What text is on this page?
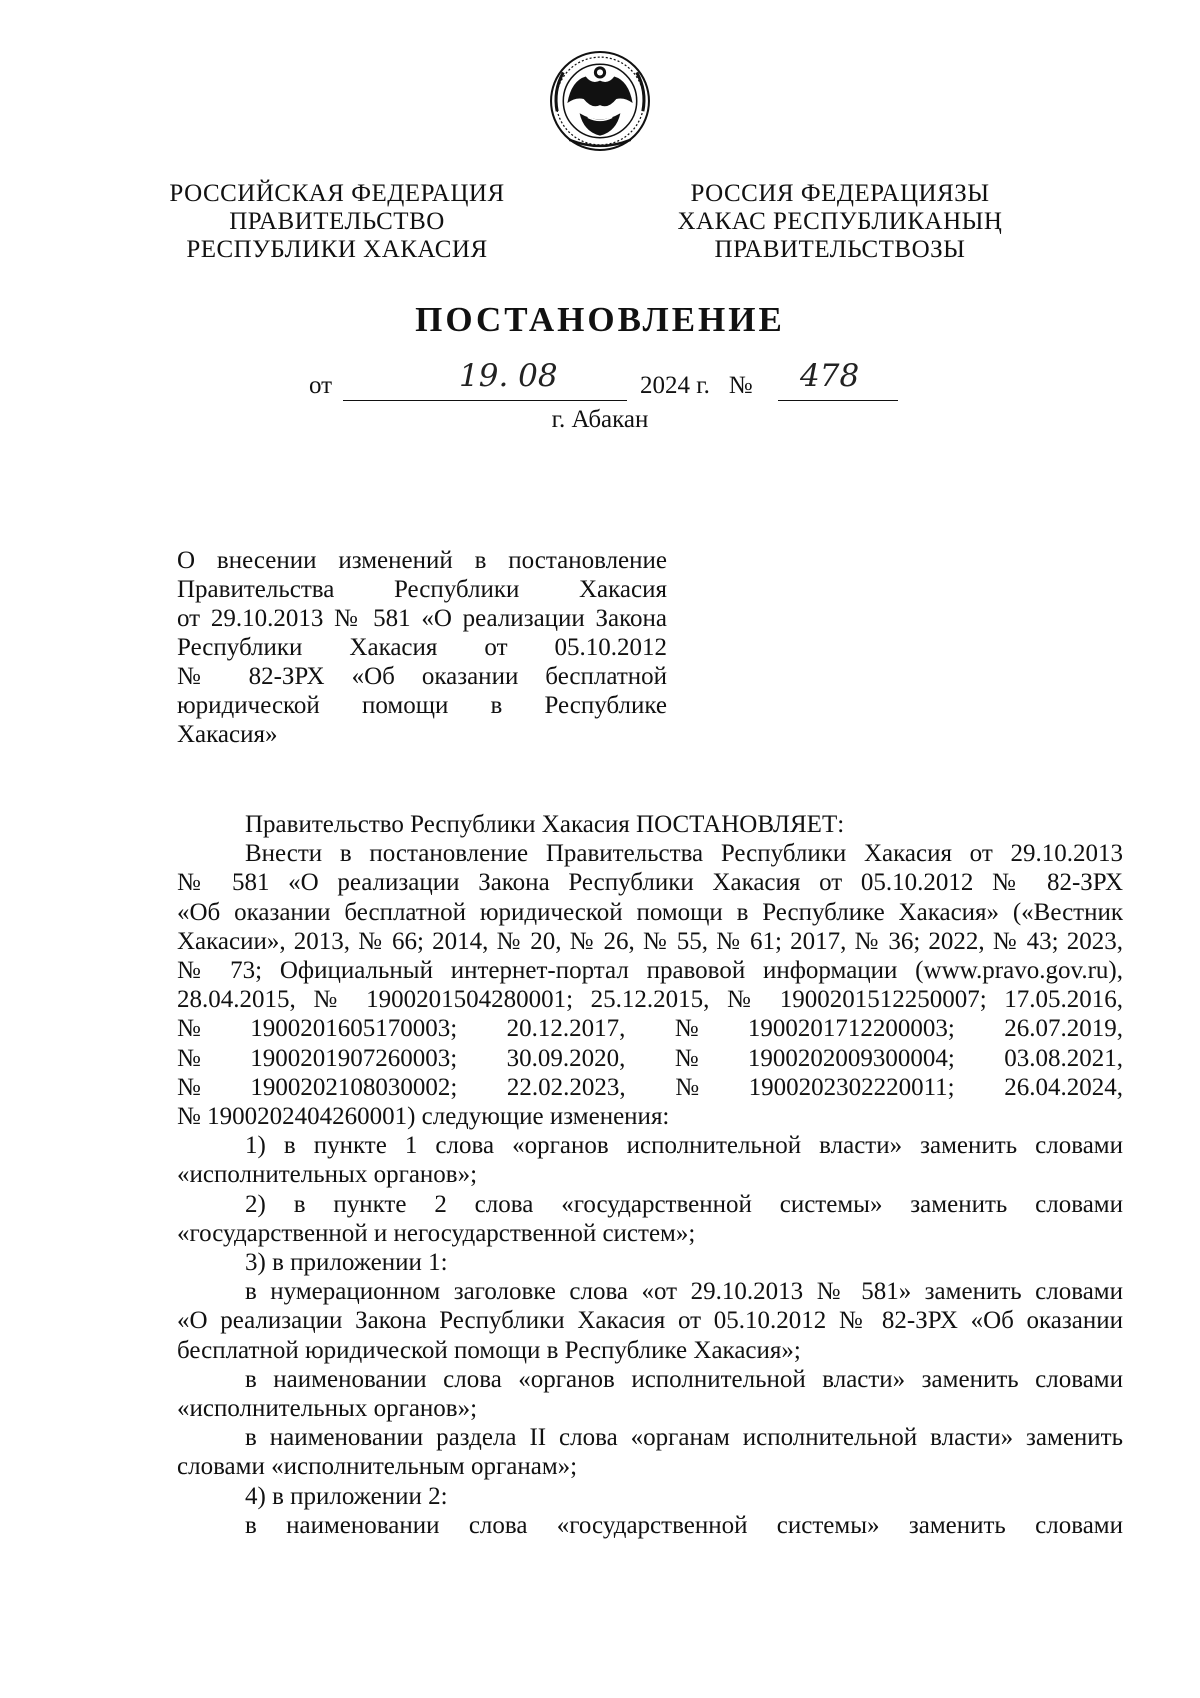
РОССИЙСКАЯ ФЕДЕРАЦИЯ
ПРАВИТЕЛЬСТВО
РЕСПУБЛИКИ ХАКАСИЯ
РОССИЯ ФЕДЕРАЦИЯЗЫ
ХАКАС РЕСПУБЛИКАНЫҢ
ПРАВИТЕЛЬСТВОЗЫ
ПОСТАНОВЛЕНИЕ
от	19. 08	2024 г. № 478
г. Абакан
О внесении изменений в постановление
Правительства Республики Хакасия
от 29.10.2013 № 581 «О реализации Закона
Республики Хакасия от 05.10.2012
№ 82-ЗРХ «Об оказании бесплатной
юридической помощи в Республике
Хакасия»

Правительство Республики Хакасия ПОСТАНОВЛЯЕТ:

Внести в постановление Правительства Республики Хакасия от 29.10.2013

№ 581 «О реализации Закона Республики Хакасия от 05.10.2012 № 82-ЗРХ

«Об оказании бесплатной юридической помощи в Республике Хакасия» («Вестник

Хакасии», 2013, № 66; 2014, № 20, № 26, № 55, № 61; 2017, № 36; 2022, № 43; 2023,

№ 73; Официальный интернет-портал правовой информации (www.pravo.gov.ru),

28.04.2015, № 1900201504280001; 25.12.2015, № 1900201512250007; 17.05.2016,

№ 1900201605170003; 20.12.2017, № 1900201712200003; 26.07.2019,
№ 1900201907260003; 30.09.2020, № 1900202009300004; 03.08.2021,
№ 1900202108030002; 22.02.2023, № 1900202302220011; 26.04.2024,

№ 1900202404260001) следующие изменения:

1) в пункте 1 слова «органов исполнительной власти» заменить словами

«исполнительных органов»;

2) в пункте 2 слова «государственной системы» заменить словами

«государственной и негосударственной систем»;

3) в приложении 1:

в нумерационном заголовке слова «от 29.10.2013 № 581» заменить словами

«О реализации Закона Республики Хакасия от 05.10.2012 № 82-ЗРХ «Об оказании

бесплатной юридической помощи в Республике Хакасия»;

в наименовании слова «органов исполнительной власти» заменить словами

«исполнительных органов»;

в наименовании раздела II слова «органам исполнительной власти» заменить

словами «исполнительным органам»;

4) в приложении 2:

в наименовании слова «государственной системы» заменить словами
